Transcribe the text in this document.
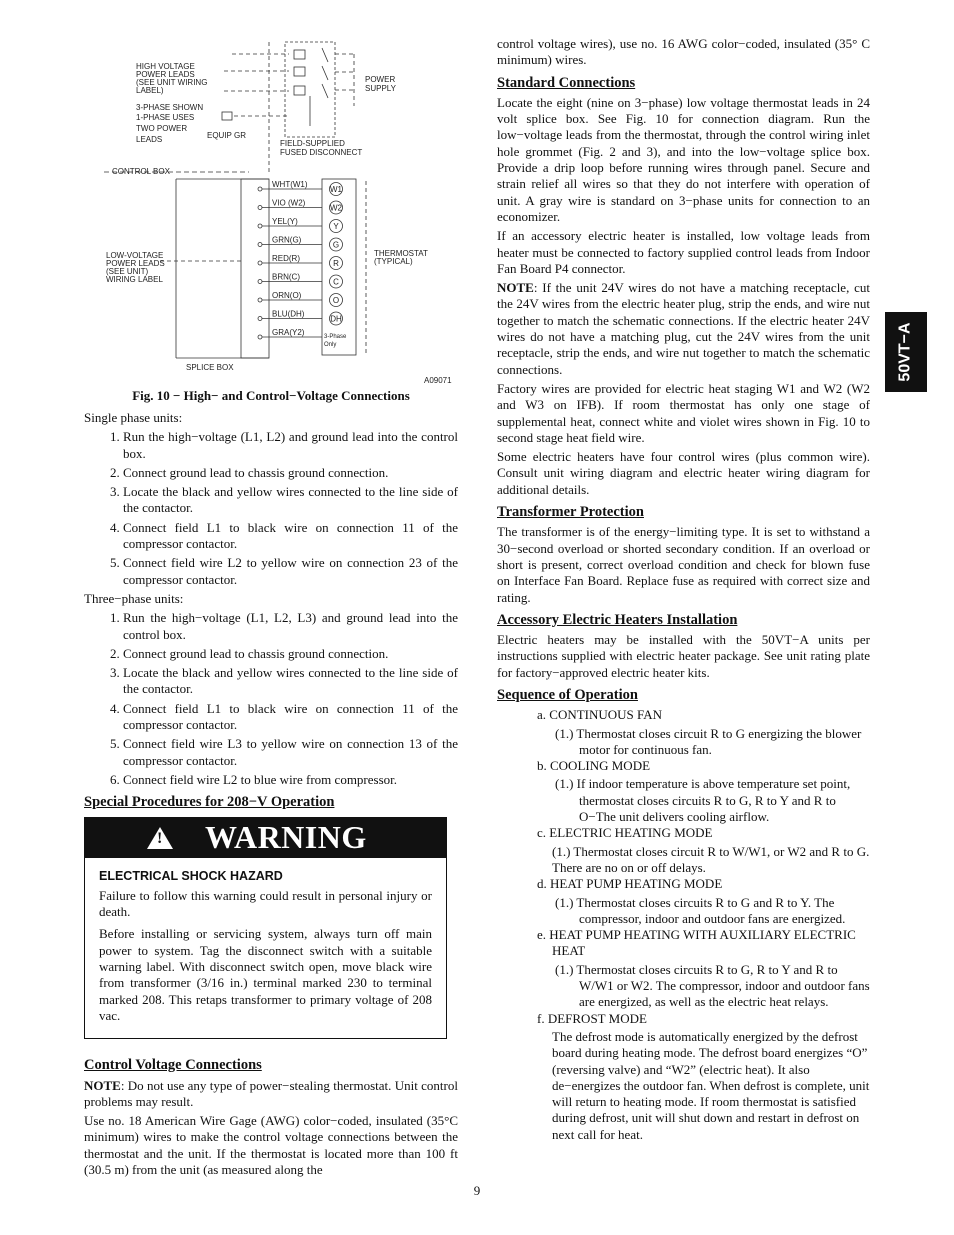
WHT(W1)
VIO (W2)
YEL(Y)
GRN(G)
RED(R)
BRN(C)
ORN(O)
BLU(DH)
GRA(Y2)
W1
W2
Y
G
R
C
O
DH
HIGH VOLTAGE
POWER LEADS
(SEE UNIT WIRING
LABEL)
3-PHASE SHOWN
1-PHASE USES
TWO POWER
LEADS	EQUIP GR
POWER
SUPPLY
FIELD-SUPPLIED
FUSED DISCONNECT
CONTROL BOX
LOW-VOLTAGE
POWER LEADS
(SEE UNIT)
WIRING LABEL
THERMOSTAT
(TYPICAL)
SPLICE BOX
A09071
3-Phase
Only
Fig. 10 − High− and Control−Voltage Connections

Single phase units:

1. Run the high−voltage (L1, L2) and ground lead into the control box.
2. Connect ground lead to chassis ground connection.
3. Locate the black and yellow wires connected to the line side of the contactor.
4. Connect field L1 to black wire on connection 11 of the compressor contactor.
5. Connect field wire L2 to yellow wire on connection 23 of the compressor contactor.

Three−phase units:

1. Run the high−voltage (L1, L2, L3) and ground lead into the control box.
2. Connect ground lead to chassis ground connection.
3. Locate the black and yellow wires connected to the line side of the contactor.
4. Connect field L1 to black wire on connection 11 of the compressor contactor.
5. Connect field wire L3 to yellow wire on connection 13 of the compressor contactor.
6. Connect field wire L2 to blue wire from compressor.
Special Procedures for 208−V Operation
! WARNING
ELECTRICAL SHOCK HAZARD

Failure to follow this warning could result in personal injury or death.

Before installing or servicing system, always turn off main power to system. Tag the disconnect switch with a suitable warning label. With disconnect switch open, move black wire from transformer (3/16 in.) terminal marked 230 to terminal marked 208. This retaps transformer to primary voltage of 208 vac.

Control Voltage Connections

NOTE: Do not use any type of power−stealing thermostat. Unit control problems may result.

Use no. 18 American Wire Gage (AWG) color−coded, insulated (35°C minimum) wires to make the control voltage connections between the thermostat and the unit. If the thermostat is located more than 100 ft (30.5 m) from the unit (as measured along the

control voltage wires), use no. 16 AWG color−coded, insulated (35° C minimum) wires.

Standard Connections

Locate the eight (nine on 3−phase) low voltage thermostat leads in 24 volt splice box. See Fig. 10 for connection diagram. Run the low−voltage leads from the thermostat, through the control wiring inlet hole grommet (Fig. 2 and 3), and into the low−voltage splice box. Provide a drip loop before running wires through panel. Secure and strain relief all wires so that they do not interfere with operation of unit. A gray wire is standard on 3−phase units for connection to an economizer.

If an accessory electric heater is installed, low voltage leads from heater must be connected to factory supplied control leads from Indoor Fan Board P4 connector.

NOTE: If the unit 24V wires do not have a matching receptacle, cut the 24V wires from the electric heater plug, strip the ends, and wire nut together to match the schematic connections. If the electric heater 24V wires do not have a matching plug, cut the 24V wires from the unit receptacle, strip the ends, and wire nut together to match the schematic connections.

Factory wires are provided for electric heat staging W1 and W2 (W2 and W3 on IFB). If room thermostat has only one stage of supplemental heat, connect white and violet wires shown in Fig. 10 to second stage heat field wire.

Some electric heaters have four control wires (plus common wire). Consult unit wiring diagram and electric heater wiring diagram for additional details.

Transformer Protection

The transformer is of the energy−limiting type. It is set to withstand a 30−second overload or shorted secondary condition. If an overload or short is present, correct overload condition and check for blown fuse on Interface Fan Board. Replace fuse as required with correct size and rating.

Accessory Electric Heaters Installation

Electric heaters may be installed with the 50VT−A units per instructions supplied with electric heater package. See unit rating plate for factory−approved electric heater kits.

Sequence of Operation
a. CONTINUOUS FAN
(1.) Thermostat closes circuit R to G energizing the blower motor for continuous fan.
b. COOLING MODE
(1.) If indoor temperature is above temperature set point, thermostat closes circuits R to G, R to Y and R to O−The unit delivers cooling airflow.
c. ELECTRIC HEATING MODE
(1.) Thermostat closes circuit R to W/W1, or W2 and R to G. There are no on or off delays.
d. HEAT PUMP HEATING MODE
(1.) Thermostat closes circuits R to G and R to Y. The compressor, indoor and outdoor fans are energized.
e. HEAT PUMP HEATING WITH AUXILIARY ELECTRIC HEAT
(1.) Thermostat closes circuits R to G, R to Y and R to W/W1 or W2. The compressor, indoor and outdoor fans are energized, as well as the electric heat relays.
f. DEFROST MODE
The defrost mode is automatically energized by the defrost board during heating mode. The defrost board energizes “O” (reversing valve) and “W2” (electric heat). It also de−energizes the outdoor fan. When defrost is complete, unit will return to heating mode. If room thermostat is satisfied during defrost, unit will shut down and restart in defrost on next call for heat.
50VT−A
9
